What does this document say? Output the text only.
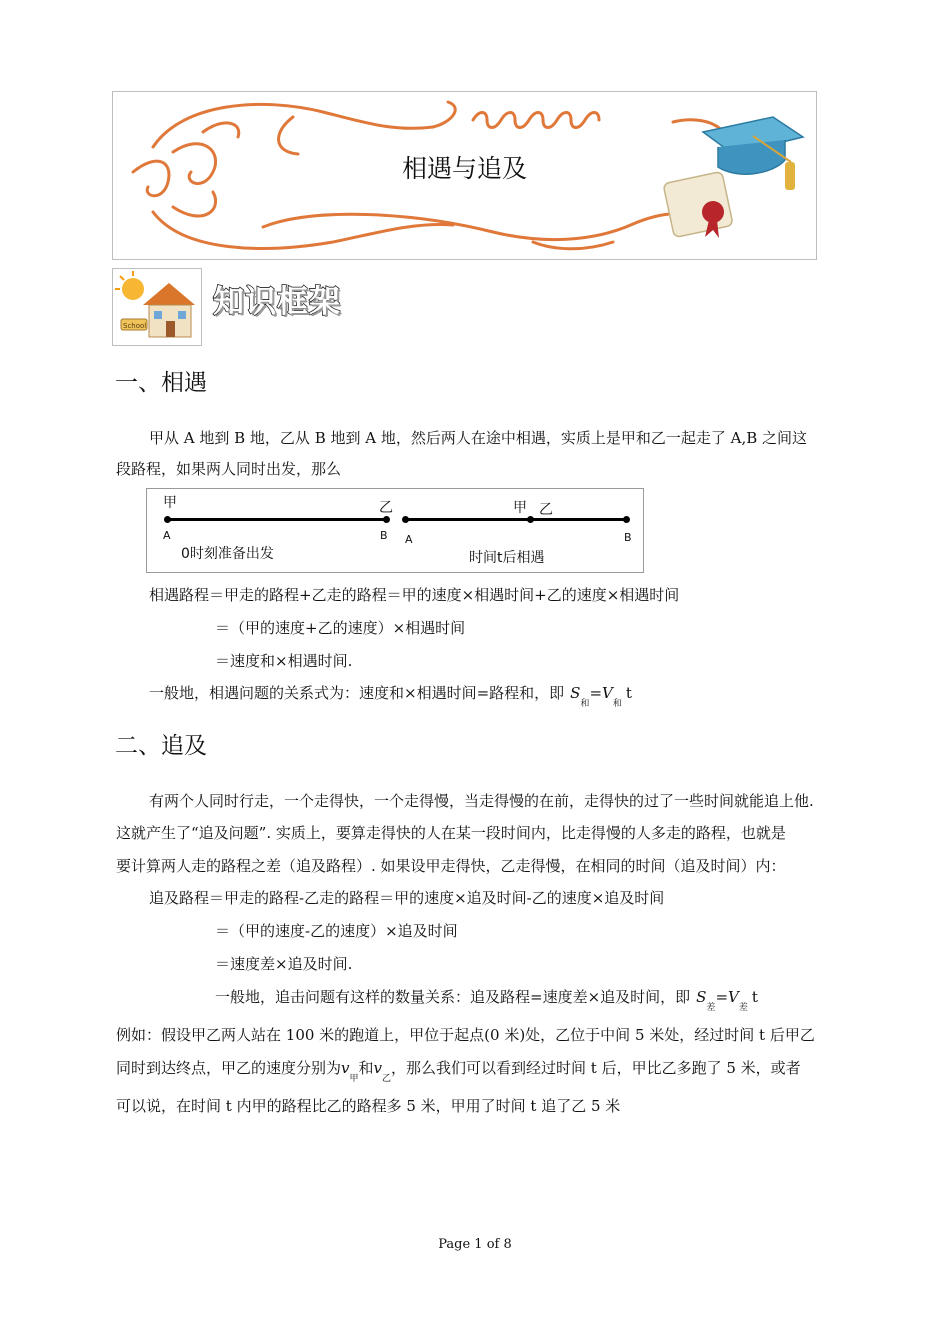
相遇与追及
School
知识框架
一、相遇
甲从 A 地到 B 地，乙从 B 地到 A 地，然后两人在途中相遇，实质上是甲和乙一起走了 A,B 之间这
段路程，如果两人同时出发，那么
甲	乙
A	B
0时刻准备出发
甲 乙
A	B
时间t后相遇
相遇路程＝甲走的路程+乙走的路程＝甲的速度×相遇时间+乙的速度×相遇时间
＝（甲的速度+乙的速度）×相遇时间
＝速度和×相遇时间.
一般地，相遇问题的关系式为：速度和×相遇时间=路程和，即 $S_和=V_和t$
二、追及
有两个人同时行走，一个走得快，一个走得慢，当走得慢的在前，走得快的过了一些时间就能追上他.
这就产生了“追及问题”. 实质上，要算走得快的人在某一段时间内，比走得慢的人多走的路程，也就是
要计算两人走的路程之差（追及路程）. 如果设甲走得快，乙走得慢，在相同的时间（追及时间）内：
追及路程＝甲走的路程-乙走的路程＝甲的速度×追及时间-乙的速度×追及时间
＝（甲的速度-乙的速度）×追及时间
＝速度差×追及时间.
一般地，追击问题有这样的数量关系：追及路程=速度差×追及时间，即 $S_差=V_差t$
例如：假设甲乙两人站在 100 米的跑道上，甲位于起点(0 米)处，乙位于中间 5 米处，经过时间 t 后甲乙
同时到达终点，甲乙的速度分别为$v_甲$和$v_乙$，那么我们可以看到经过时间 t 后，甲比乙多跑了 5 米，或者
可以说，在时间 t 内甲的路程比乙的路程多 5 米，甲用了时间 t 追了乙 5 米
Page 1 of 8
